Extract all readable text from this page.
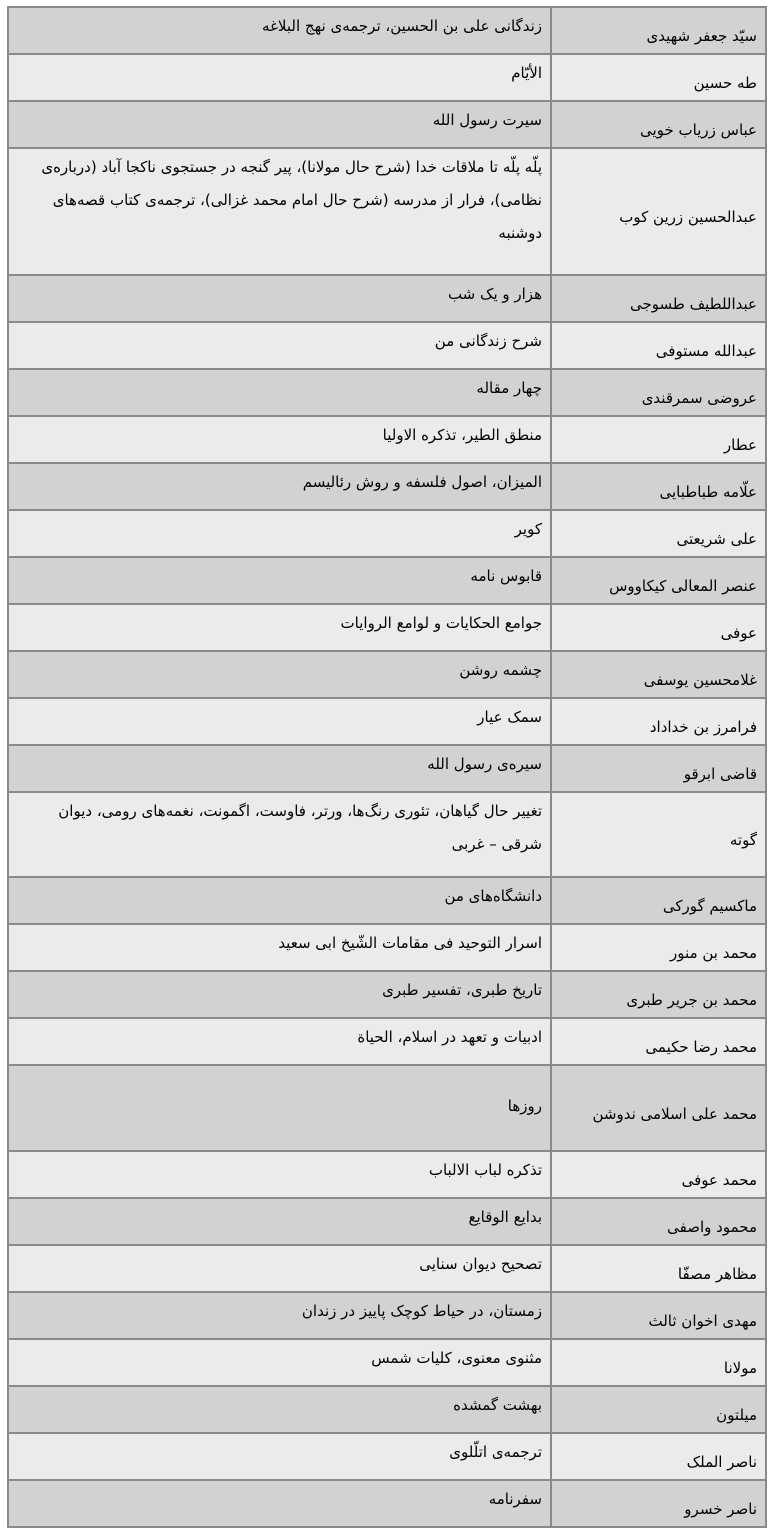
سیّد جعفر شهیدی	زندگانی علی بن الحسین، ترجمه‌ی نهج البلاغه
طه حسین	الأیّام
عباس زریاب خویی	سیرت رسول الله
عبدالحسین زرین کوب	پلّه پلّه تا ملاقات خدا (شرح حال مولانا)، پیر گنجه در جستجوی ناکجا آباد (درباره‌ی نظامی)، فرار از مدرسه (شرح حال امام محمد غزالی)، ترجمه‌ی کتاب قصه‌های دوشنبه
عبداللطیف طسوجی	هزار و یک شب
عبدالله مستوفی	شرح زندگانی من
عروضی سمرقندی	چهار مقاله
عطار	منطق الطیر، تذکره الاولیا
علّامه طباطبایی	المیزان، اصول فلسفه و روش رئالیسم
علی شریعتی	کویر
عنصر المعالی کیکاووس	قابوس نامه
عوفی	جوامع الحکایات و لوامع الروایات
غلامحسین یوسفی	چشمه روشن
فرامرز بن خداداد	سمک عیار
قاضی ابرقو	سیره‌ی رسول الله
گوته	تغییر حال گیاهان، تئوری رنگ‌ها، ورتر، فاوست، اگمونت، نغمه‌های رومی، دیوان شرقی – غربی
ماکسیم گورکی	دانشگاه‌های من
محمد بن منور	اسرار التوحید فی مقامات الشّیخ ابی سعید
محمد بن جریر طبری	تاریخ طبری، تفسیر طبری
محمد رضا حکیمی	ادبیات و تعهد در اسلام، الحیاة
محمد علی اسلامی ندوشن	روزها
محمد عوفی	تذکره لباب الالباب
محمود واصفی	بدایع الوقایع
مظاهر مصفّا	تصحیح دیوان سنایی
مهدی اخوان ثالث	زمستان، در حیاط کوچک پاییز در زندان
مولانا	مثنوی معنوی، کلیات شمس
میلتون	بهشت گمشده
ناصر الملک	ترجمه‌ی اتلّلوی
ناصر خسرو	سفرنامه
